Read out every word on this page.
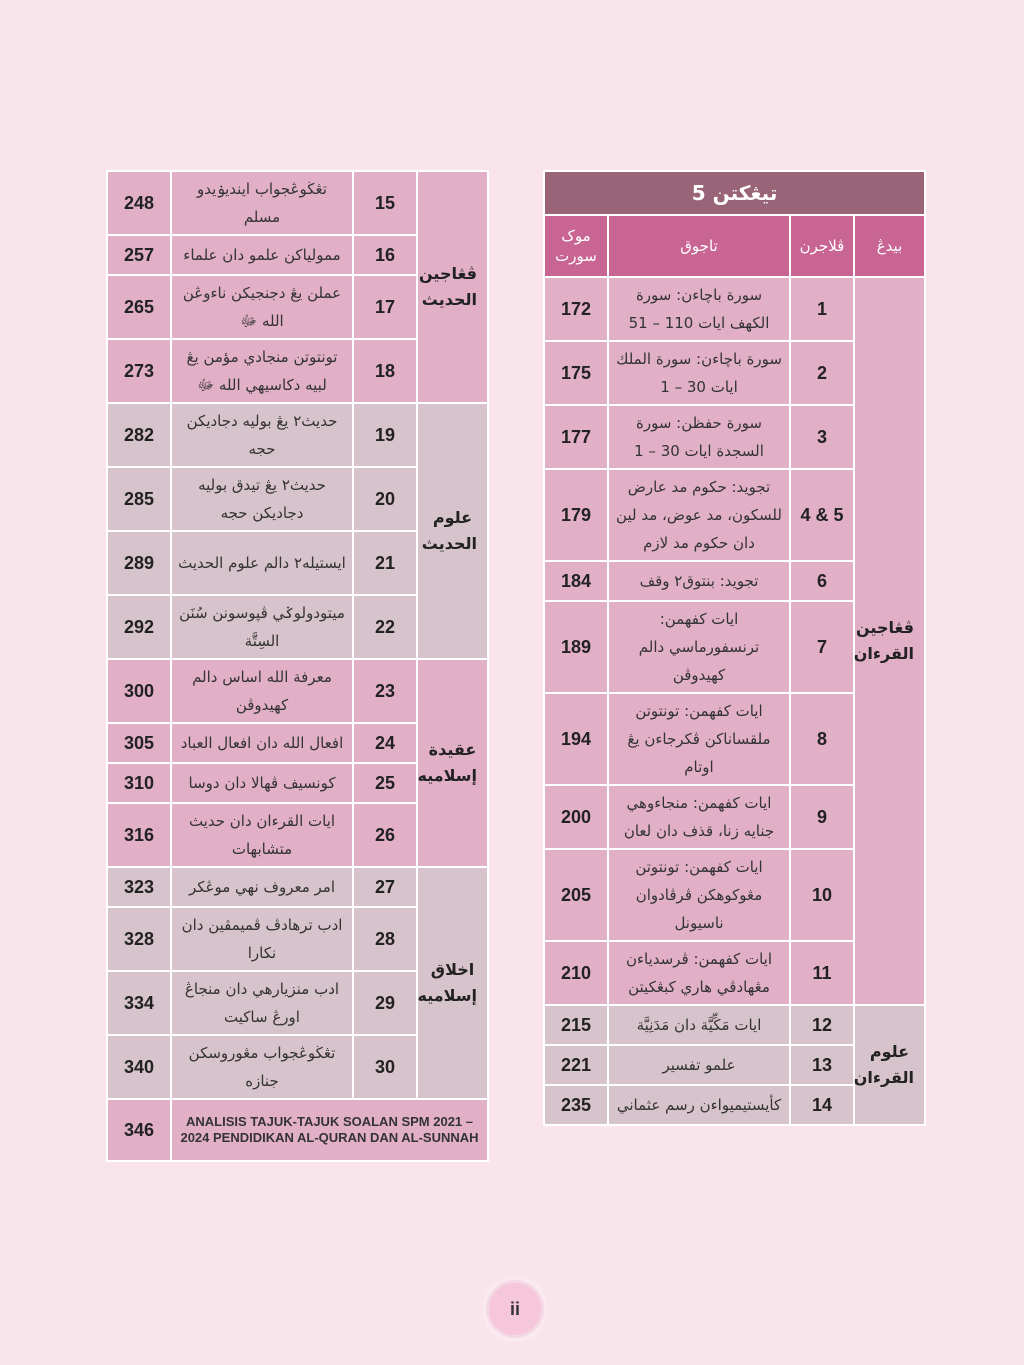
تيڠكتن 5			
موک سورت	تاجوق	ڤلاجرن	بيدڠ
172	سورة باچاءن: سورة الكهف ايات 110 – 51	1	ڤڠاجين القرءان
175	سورة باچاءن: سورة الملك ايات 30 – 1	2	
177	سورة حفظن: سورة السجدة ايات 30 – 1	3	
179	تجويد: حكوم مد عارض للسكون، مد عوض، مد لين دان حكوم مد لازم	4 & 5	
184	تجويد: بنتوق٢ وقف	6	
189	ايات كفهمن: ترنسفورماسي دالم كهيدوڤن	7	
194	ايات كفهمن: تونتوتن ملقساناكن ڤكرجاءن يڠ اوتام	8	
200	ايات كفهمن: منجاءوهي جنايه زنا، قذف دان لعان	9	
205	ايات كفهمن: تونتوتن مڠوكوهكن ڤرڤادوان ناسيونل	10	
210	ايات كفهمن: ڤرسدياءن مڠهادڤي هاري كبڠكيتن	11	
215	ايات مَكِّيَّة دان مَدَنِيَّة	12	علوم القرءان
221	علمو تفسير	13	
235	كأيستيميواءن رسم عثماني	14	
248	تڠڬوڠجواب اينديۏيدو مسلم	15	ڤڠاجين الحديث
257	ممولياكن علمو دان علماء	16	
265	عملن يڠ دجنجيكن ناءوڠن الله ﷻ	17	
273	تونتوتن منجادي مؤمن يڠ لبيه دكاسيهي الله ﷻ	18	
282	حديث٢ يڠ بوليه دجاديكن حجه	19	علوم الحديث
285	حديث٢ يڠ تيدق بوليه دجاديكن حجه	20	
289	ايستيله٢ دالم علوم الحديث	21	
292	ميتودولوݢي ڤپوسونن سُنَن السِتَّة	22	
300	معرفة الله اساس دالم كهيدوڤن	23	عقيدة إسلاميه
305	افعال الله دان افعال العباد	24	
310	كونسيف ڤهالا دان دوسا	25	
316	ايات القرءان دان حديث متشابهات	26	
323	امر معروف نهي موڠكر	27	اخلاق إسلاميه
328	ادب ترهادڤ ڤميمڤين دان نكارا	28	
334	ادب منزيارهي دان منجاڠ اورڠ ساكيت	29	
340	تڠڬوڠجواب مڠوروسكن جنازه	30	
346	ANALISIS TAJUK-TAJUK SOALAN SPM 2021 – 2024 PENDIDIKAN AL-QURAN DAN AL-SUNNAH		
ii
